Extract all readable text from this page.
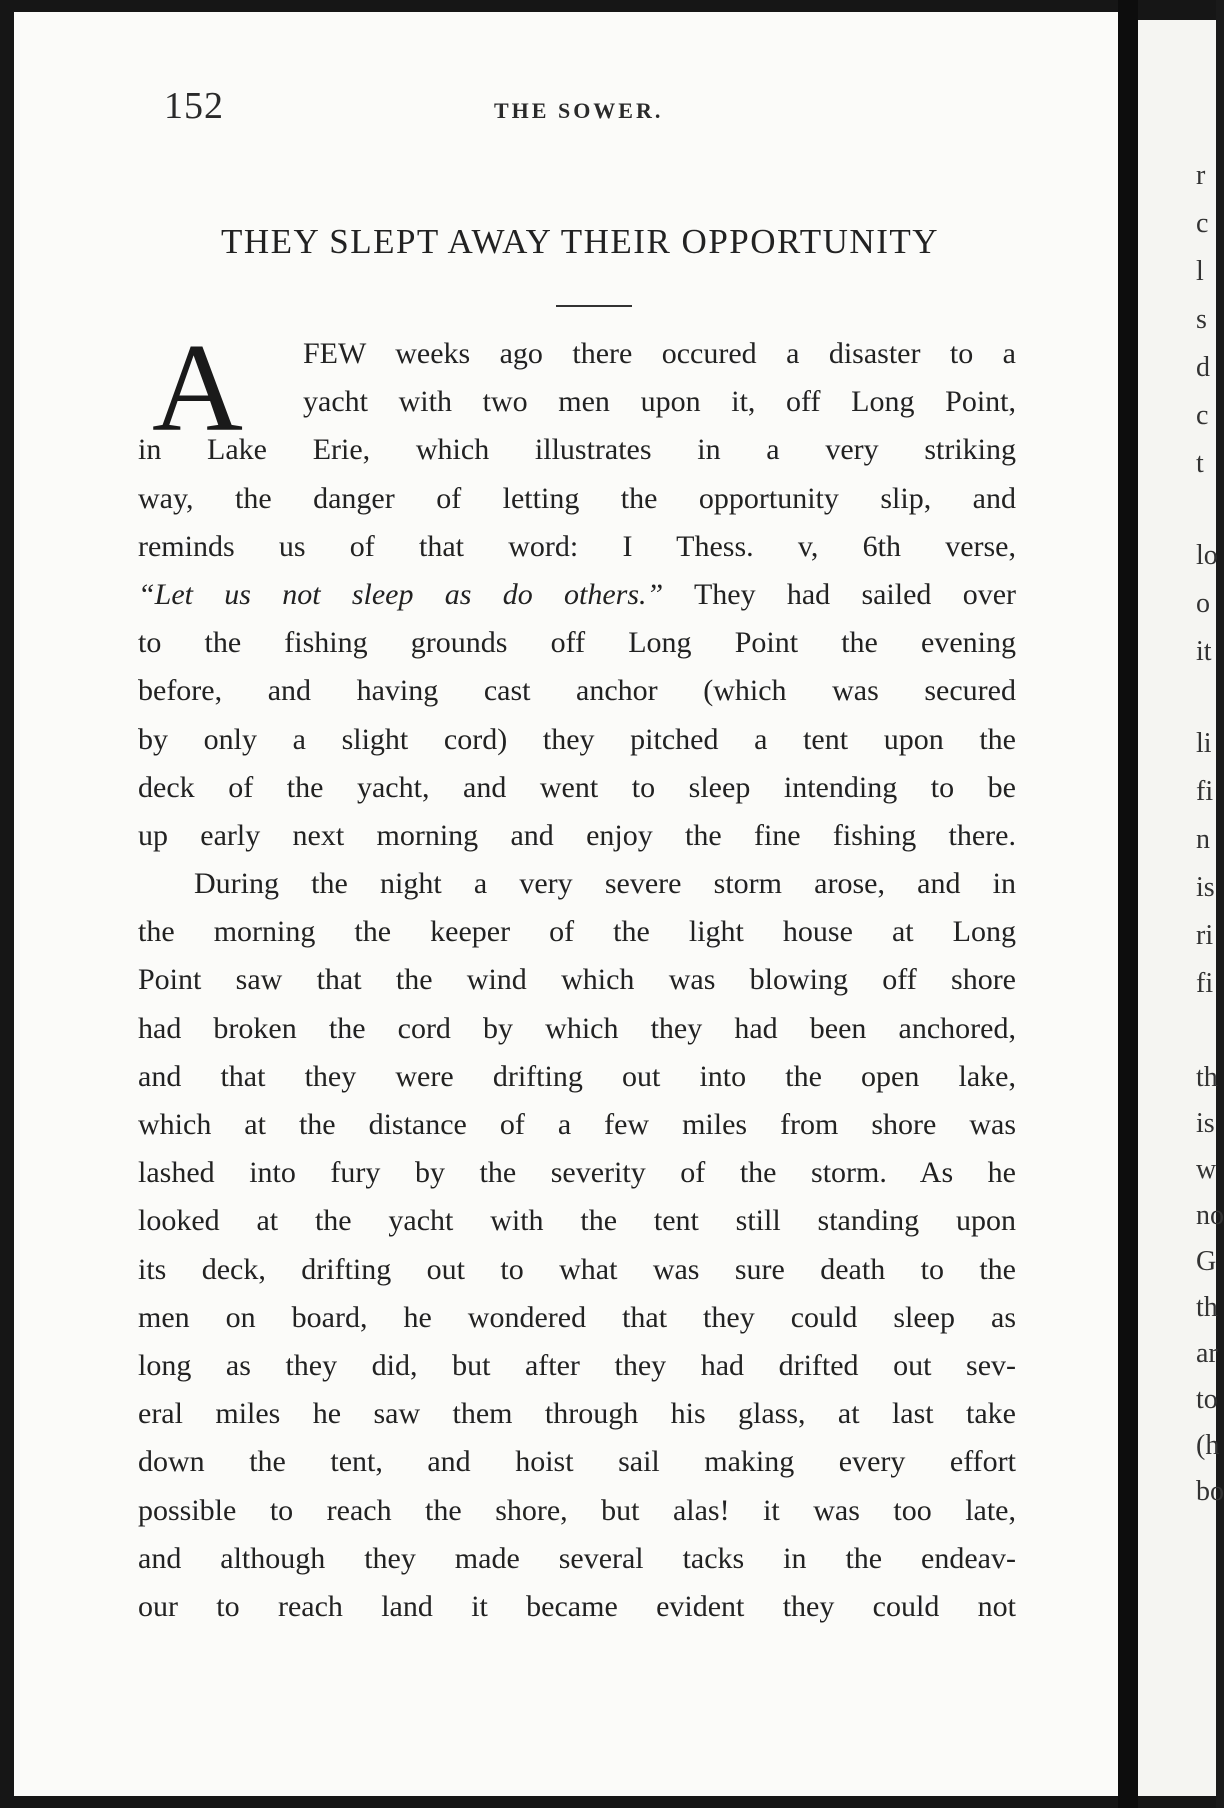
152	THE SOWER.
THEY SLEPT AWAY THEIR OPPORTUNITY
A	FEW weeks ago there occured a disaster to a
yacht with two men upon it, off Long Point,
in Lake Erie, which illustrates in a very striking
way, the danger of letting the opportunity slip, and
reminds us of that word: I Thess. v, 6th verse,
“Let us not sleep as do others.” They had sailed over
to the fishing grounds off Long Point the evening
before, and having cast anchor (which was secured
by only a slight cord) they pitched a tent upon the
deck of the yacht, and went to sleep intending to be
up early next morning and enjoy the fine fishing there.
During the night a very severe storm arose, and in
the morning the keeper of the light house at Long
Point saw that the wind which was blowing off shore
had broken the cord by which they had been anchored,
and that they were drifting out into the open lake,
which at the distance of a few miles from shore was
lashed into fury by the severity of the storm. As he
looked at the yacht with the tent still standing upon
its deck, drifting out to what was sure death to the
men on board, he wondered that they could sleep as
long as they did, but after they had drifted out sev-
eral miles he saw them through his glass, at last take
down the tent, and hoist sail making every effort
possible to reach the shore, but alas! it was too late,
and although they made several tacks in the endeav-
our to reach land it became evident they could not
r
c
l
s
d
c
t
lo
o
it
li
fi
n
is
ri
fi
th
is
w
no
G
th
ar
to
(h
bo
